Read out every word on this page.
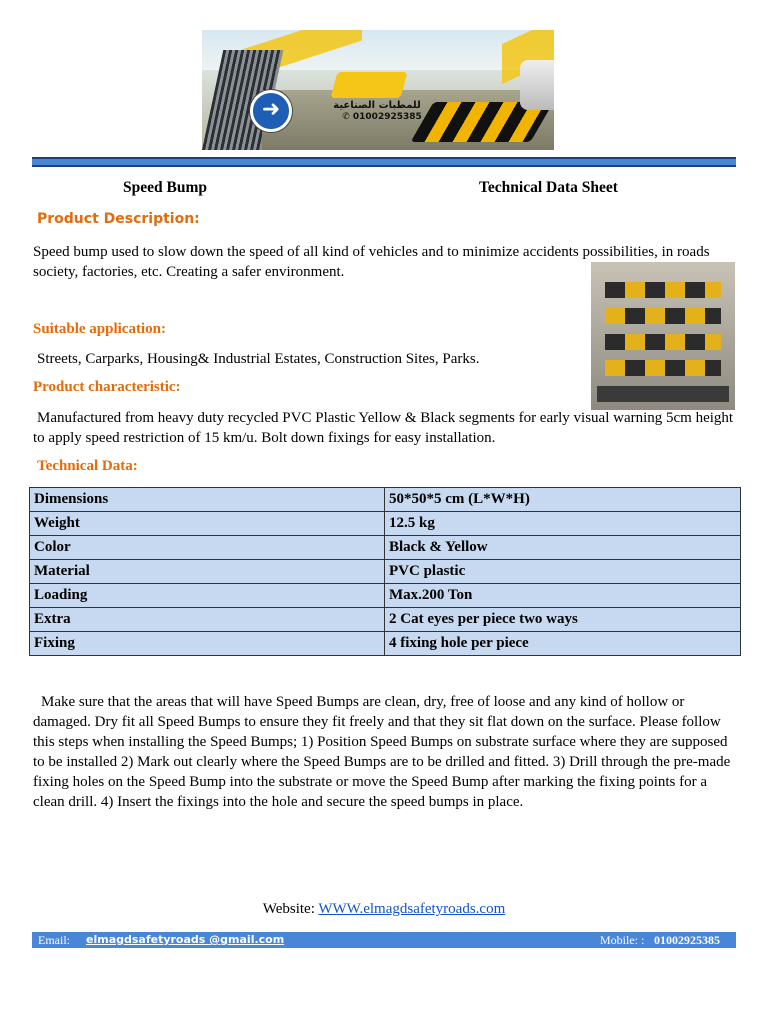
➜	للمطبات الصناعية
✆ 01002925385
Speed Bump	Technical Data Sheet
Product Description:
Speed bump used to slow down the speed of all kind of vehicles and to minimize accidents possibilities, in roads society, factories, etc. Creating a safer environment.
Suitable application:
Streets, Carparks, Housing& Industrial Estates, Construction Sites, Parks.
Product characteristic:
Manufactured from heavy duty recycled PVC Plastic Yellow & Black segments for early visual warning 5cm height to apply speed restriction of 15 km/u. Bolt down fixings for easy installation.
Technical Data:
Dimensions	50*50*5 cm (L*W*H)
Weight	12.5 kg
Color	Black & Yellow
Material	PVC plastic
Loading	Max.200 Ton
Extra	2 Cat eyes per piece two ways
Fixing	4 fixing hole per piece
Make sure that the areas that will have Speed Bumps are clean, dry, free of loose and any kind of hollow or damaged. Dry fit all Speed Bumps to ensure they fit freely and that they sit flat down on the surface. Please follow this steps when installing the Speed Bumps; 1) Position Speed Bumps on substrate surface where they are supposed to be installed 2) Mark out clearly where the Speed Bumps are to be drilled and fitted. 3) Drill through the pre-made fixing holes on the Speed Bump into the substrate or move the Speed Bump after marking the fixing points for a clean drill. 4) Insert the fixings into the hole and secure the speed bumps in place.
Website: WWW.elmagdsafetyroads.com
Email: elmagdsafetyroads @gmail.com	Mobile: : 01002925385
